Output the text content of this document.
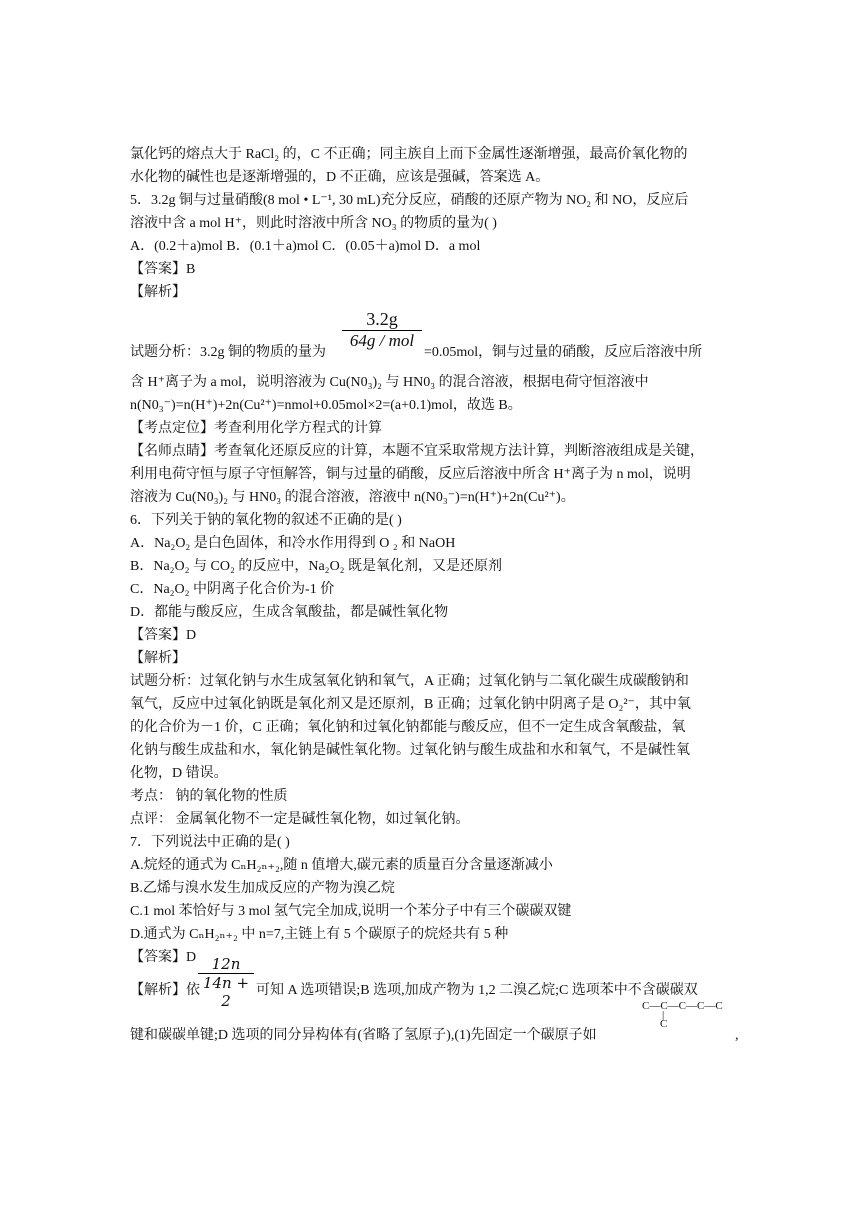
氯化钙的熔点大于 RaCl₂ 的，C 不正确；同主族自上而下金属性逐渐增强，最高价氧化物的
水化物的碱性也是逐渐增强的，D 不正确，应该是强碱，答案选 A。
5．3.2g 铜与过量硝酸(8 mol • L⁻¹, 30 mL)充分反应，硝酸的还原产物为 NO₂ 和 NO，反应后
溶液中含 a mol H⁺，则此时溶液中所含 NO₃ 的物质的量为( )
A．(0.2＋a)mol B．(0.1＋a)mol C．(0.05＋a)mol D．a mol
【答案】B
【解析】
试题分析：3.2g 铜的物质的量为
3.2g
64g / mol
=0.05mol，铜与过量的硝酸，反应后溶液中所
含 H⁺离子为 a mol，说明溶液为 Cu(N0₃)₂ 与 HN0₃ 的混合溶液，根据电荷守恒溶液中
n(N0₃⁻)=n(H⁺)+2n(Cu²⁺)=nmol+0.05mol×2=(a+0.1)mol，故选 B。
【考点定位】考查利用化学方程式的计算
【名师点睛】考查氧化还原反应的计算，本题不宜采取常规方法计算，判断溶液组成是关键，
利用电荷守恒与原子守恒解答，铜与过量的硝酸，反应后溶液中所含 H⁺离子为 n mol，说明
溶液为 Cu(N0₃)₂ 与 HN0₃ 的混合溶液，溶液中 n(N0₃⁻)=n(H⁺)+2n(Cu²⁺)。
6．下列关于钠的氧化物的叙述不正确的是( )
A．Na₂O₂ 是白色固体，和冷水作用得到 O ₂ 和 NaOH
B．Na₂O₂ 与 CO₂ 的反应中，Na₂O₂ 既是氧化剂，又是还原剂
C．Na₂O₂ 中阴离子化合价为-1 价
D．都能与酸反应，生成含氧酸盐，都是碱性氧化物
【答案】D
【解析】
试题分析：过氧化钠与水生成氢氧化钠和氧气，A 正确；过氧化钠与二氧化碳生成碳酸钠和
氧气，反应中过氧化钠既是氧化剂又是还原剂，B 正确；过氧化钠中阴离子是 O₂²⁻，其中氧
的化合价为－1 价，C 正确；氧化钠和过氧化钠都能与酸反应，但不一定生成含氧酸盐，氧
化钠与酸生成盐和水，氧化钠是碱性氧化物。过氧化钠与酸生成盐和水和氧气，不是碱性氧
化物，D 错误。
考点： 钠的氧化物的性质
点评： 金属氧化物不一定是碱性氧化物，如过氧化钠。
7．下列说法中正确的是( )
A.烷烃的通式为 CₙH₂ₙ₊₂,随 n 值增大,碳元素的质量百分含量逐渐减小
B.乙烯与溴水发生加成反应的产物为溴乙烷
C.1 mol 苯恰好与 3 mol 氢气完全加成,说明一个苯分子中有三个碳碳双键
D.通式为 CₙH₂ₙ₊₂ 中 n=7,主链上有 5 个碳原子的烷烃共有 5 种
【答案】D
【解析】依
12n
14n + 2
可知 A 选项错误;B 选项,加成产物为 1,2 二溴乙烷;C 选项苯中不含碳碳双
C—C—C—C—C
|
C
键和碳碳单键;D 选项的同分异构体有(省略了氢原子),(1)先固定一个碳原子如	,
